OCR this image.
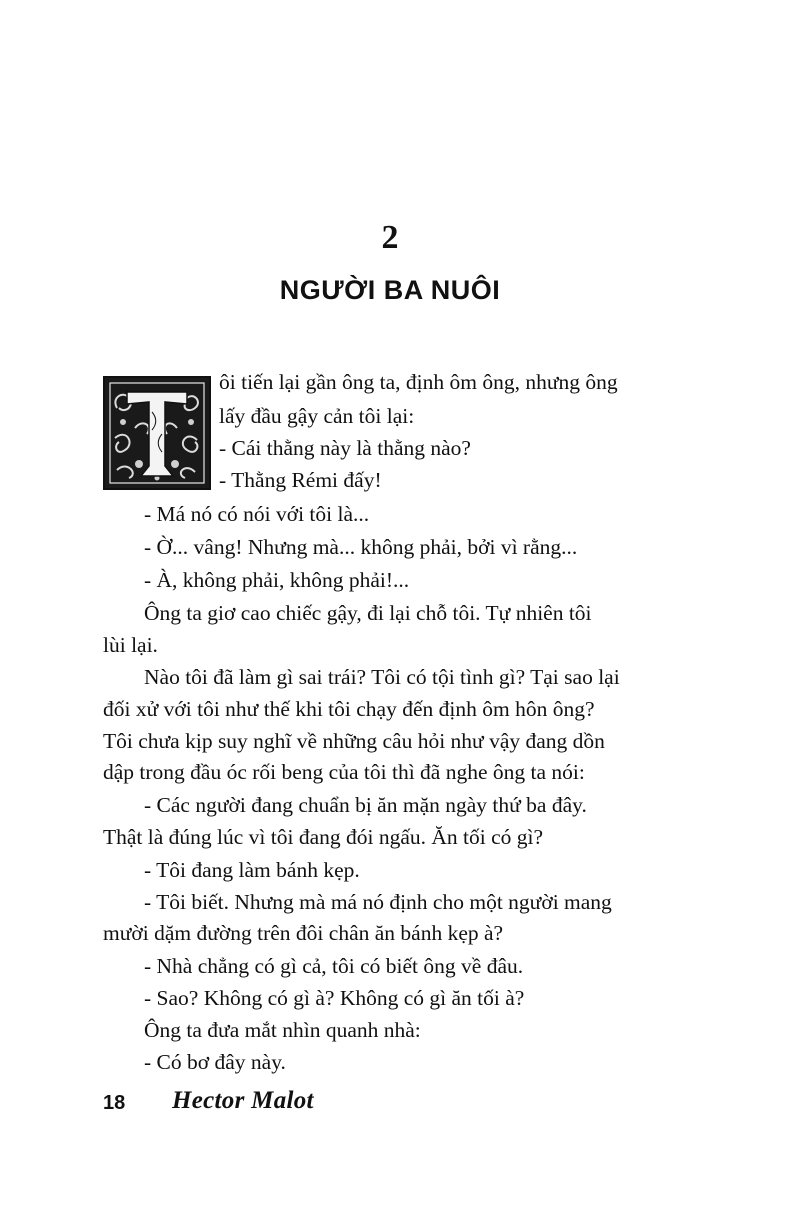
2
NGƯỜI BA NUÔI
ôi tiến lại gần ông ta, định ôm ông, nhưng ông
lấy đầu gậy cản tôi lại:
- Cái thằng này là thằng nào?
- Thằng Rémi đấy!
- Má nó có nói với tôi là...
- Ờ... vâng! Nhưng mà... không phải, bởi vì rằng...
- À, không phải, không phải!...
Ông ta giơ cao chiếc gậy, đi lại chỗ tôi. Tự nhiên tôi
lùi lại.
Nào tôi đã làm gì sai trái? Tôi có tội tình gì? Tại sao lại
đối xử với tôi như thế khi tôi chạy đến định ôm hôn ông?
Tôi chưa kịp suy nghĩ về những câu hỏi như vậy đang dồn
dập trong đầu óc rối beng của tôi thì đã nghe ông ta nói:
- Các người đang chuẩn bị ăn mặn ngày thứ ba đây.
Thật là đúng lúc vì tôi đang đói ngấu. Ăn tối có gì?
- Tôi đang làm bánh kẹp.
- Tôi biết. Nhưng mà má nó định cho một người mang
mười dặm đường trên đôi chân ăn bánh kẹp à?
- Nhà chẳng có gì cả, tôi có biết ông về đâu.
- Sao? Không có gì à? Không có gì ăn tối à?
Ông ta đưa mắt nhìn quanh nhà:
- Có bơ đây này.
18 Hector Malot
